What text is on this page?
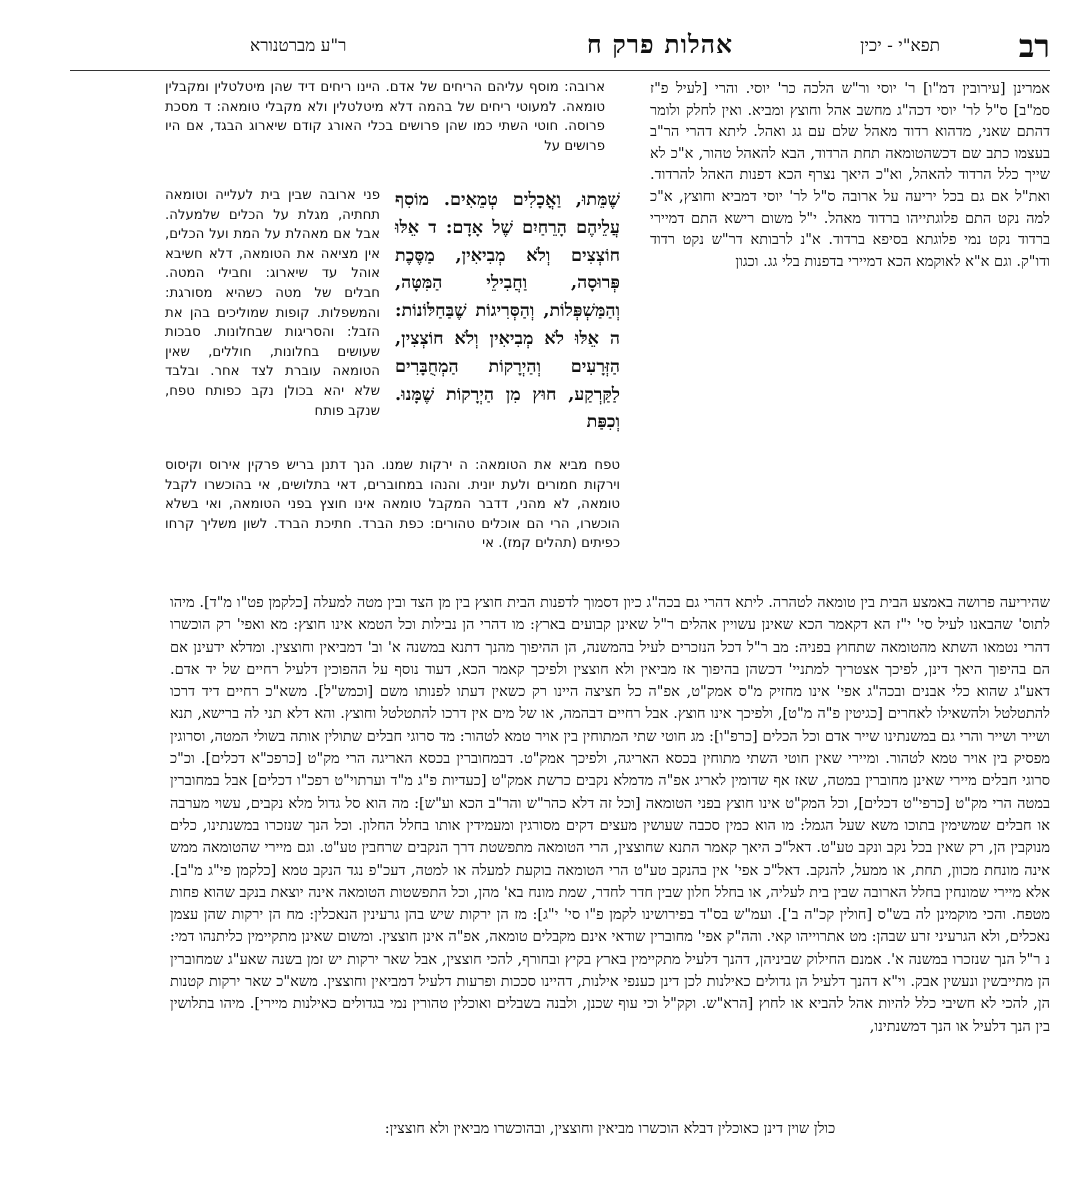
ר"ע מברטנורא	אהלות פרק ח	תפא"י - יכין רב

אמרינן [עירובין דמ"ו] ר' יוסי ור"ש הלכה כר' יוסי. והרי [לעיל פ"ז סמ"ב] ס"ל לר' יוסי דכה"ג מחשב אהל וחוצץ ומביא. ואין לחלק ולומר דהתם שאני, מדהוא רדוד מאהל שלם עם גג ואהל. ליתא דהרי הר"ב בעצמו כתב שם דכשהטומאה תחת הרדוד, הבא להאהל טהור, א"כ לא שייך כלל הרדוד להאהל, וא"כ היאך נצרף הכא דפנות האהל להרדוד. ואת"ל אם גם בכל יריעה על ארובה ס"ל לר' יוסי דמביא וחוצץ, א"כ למה נקט התם פלוגתייהו ברדוד מאהל. י"ל משום רישא התם דמיירי ברדוד נקט נמי פלוגתא בסיפא ברדוד. א"נ לרבותא דר"ש נקט רדוד ודו"ק. וגם א"א לאוקמא הכא דמיירי בדפנות בלי גג. וכגון

ארובה: מוסף עליהם הריחים של אדם. היינו ריחים דיד שהן מיטלטלין ומקבלין טומאה. למעוטי ריחים של בהמה דלא מיטלטלין ולא מקבלי טומאה: ד מסכת פרוסה. חוטי השתי כמו שהן פרושים בכלי האורג קודם שיארוג הבגד, אם היו פרושים על

שֶׁמֵּתוּ, וַאֳכָלִים טְמֵאִים. מוֹסִף עֲלֵיהֶם הָרֵחַיִם שֶׁל אָדָם: ד אֵלּוּ חוֹצְצִים וְלֹא מְבִיאִין, מַסֶּכֶת פְּרוּסָה, וַחֲבִילֵי הַמִּטָּה, וְהַמַּשְׁפְּלוֹת, וְהַסְּרִיגוֹת שֶׁבַּחַלּוֹנוֹת: ה אֵלּוּ לֹא מְבִיאִין וְלֹא חוֹצְצִין, הַזְּרָעִים וְהַיְרָקוֹת הַמְחֻבָּרִים לַקַּרְקַע, חוּץ מִן הַיְרָקוֹת שֶׁמָּנוּ. וְכִפַּת

פני ארובה שבין בית לעלייה וטומאה תחתיה, מגלת על הכלים שלמעלה. אבל אם מאהלת על המת ועל הכלים, אין מציאה את הטומאה, דלא חשיבא אוהל עד שיארוג: וחבילי המטה. חבלים של מטה כשהיא מסורגת: והמשפלות. קופות שמוליכים בהן את הזבל: והסריגות שבחלונות. סבכות שעושים בחלונות, חוללים, שאין הטומאה עוברת לצד אחר. ובלבד שלא יהא בכולן נקב כפותח טפח, שנקב פותח

טפח מביא את הטומאה: ה ירקות שמנו. הנך דתנן בריש פרקין אירוס וקיסוס וירקות חמורים ולעת יונית. והנהו במחוברים, דאי בתלושים, אי בהוכשרו לקבל טומאה, לא מהני, דדבר המקבל טומאה אינו חוצץ בפני הטומאה, ואי בשלא הוכשרו, הרי הם אוכלים טהורים: כפת הברד. חתיכת הברד. לשון משליך קרחו כפיתים (תהלים קמז). אי

שהיריעה פרושה באמצע הבית בין טומאה לטהרה. ליתא דהרי גם בכה"ג כיון דסמוך לדפנות הבית חוצץ בין מן הצד ובין מטה למעלה [כלקמן פט"ו מ"ד]. מיהו לתוס' שהבאנו לעיל סי' י"ז הא דקאמר הכא שאינן עשויין אהלים ר"ל שאינן קבועים בארץ: מו דהרי הן נבילות וכל הטמא אינו חוצץ: מא ואפי' רק הוכשרו דהרי נטמאו השתא מהטומאה שתחוץ בפניה: מב ר"ל דכל הנזכרים לעיל בהמשנה, הן ההיפוך מהנך דתנא במשנה א' וב' דמביאין וחוצצין. ומדלא ידעינן אם הם בהיפוך היאך דינן, לפיכך אצטריך למתניי' דכשהן בהיפוך אז מביאין ולא חוצצין ולפיכך קאמר הכא, דעוד נוסף על ההפוכין דלעיל רחיים של יד אדם. דאע"ג שהוא כלי אבנים ובכה"ג אפי' אינו מחזיק מ"ס אמק"ט, אפ"ה כל חציצה היינו רק כשאין דעתו לפנותו משם [וכמש"ל]. משא"כ רחיים דיד דרכו להתטלטל ולהשאילו לאחרים [כגיטין פ"ה מ"ט], ולפיכך אינו חוצץ. אבל רחיים דבהמה, או של מים אין דרכו להתטלטל וחוצץ. והא דלא תני לה ברישא, תנא ושייר ושייר והרי גם במשנתינו שייר אדם וכל הכלים [כרפ"ו]: מג חוטי שתי המתוחין בין אויר טמא לטהור: מד סרוגי חבלים שתולין אותה בשולי המטה, וסרוגין מפסיק בין אויר טמא לטהור. ומיירי שאין חוטי השתי מתוחין בכסא האריגה, ולפיכך אמק"ט. דבמחוברין בכסא האריגה הרי מק"ט [כרפכ"א דכלים]. וכ"כ סרוגי חבלים מיירי שאינן מחוברין במטה, שאז אף שדומין לאריג אפ"ה מדמלא נקבים כרשת אמק"ט [כעדיות פ"ג מ"ד וערתוי"ט רפכ"ו דכלים] אבל במחוברין במטה הרי מק"ט [כרפי"ט דכלים], וכל המק"ט אינו חוצץ בפני הטומאה [וכל זה דלא כהר"ש והר"ב הכא וע"ש]: מה הוא סל גדול מלא נקבים, עשוי מערבה או חבלים שמשימין בתוכו משא שעל הגמל: מו הוא כמין סכבה שעושין מעצים דקים מסורגין ומעמידין אותו בחלל החלון. וכל הנך שנזכרו במשנתינו, כלים מנוקבין הן, רק שאין בכל נקב ונקב טע"ט. דאל"כ היאך קאמר התנא שחוצצין, הרי הטומאה מתפשטת דרך הנקבים שרחבין טע"ט. וגם מיירי שהטומאה ממש אינה מונחת מכוון, תחת, או ממעל, להנקב. דאל"כ אפי' אין בהנקב טע"ט הרי הטומאה בוקעת למעלה או למטה, דעכ"פ נגד הנקב טמא [כלקמן פי"ג מ"ב]. אלא מיירי שמונחין בחלל הארובה שבין בית לעליה, או בחלל חלון שבין חדר לחדר, שמת מונח בא' מהן, וכל התפשטות הטומאה אינה יוצאת בנקב שהוא פחות מטפח. והכי מוקמינן לה בש"ס [חולין קכ"ה ב']. ועמ"ש בס"ד בפירושינו לקמן פ"ו סי' י"ג]: מז הן ירקות שיש בהן גרעינין הנאכלין: מח הן ירקות שהן עצמן נאכלים, ולא הגרעיני זרע שבהן: מט אתרוייהו קאי. והה"ק אפי' מחוברין שודאי אינם מקבלים טומאה, אפ"ה אינן חוצצין. ומשום שאינן מתקיימין כליתנהו דמי: נ ר"ל הנך שנזכרו במשנה א'. אמנם החילוק שביניהן, דהנך דלעיל מתקיימין בארץ בקיץ ובחורף, להכי חוצצין, אבל שאר ירקות יש זמן בשנה שאע"ג שמחוברין הן מתייבשין ונעשין אבק. וי"א דהנך דלעיל הן גדולים כאילנות לכן דינן כענפי אילנות, דהיינו סככות ופרעות דלעיל דמביאין וחוצצין. משא"כ שאר ירקות קטנות הן, להכי לא חשיבי כלל להיות אהל להביא או לחוץ [הרא"ש. וקק"ל וכי עוף שכנן, ולבנה בשבלים ואוכלין טהורין נמי בגדולים כאילנות מיירי]. מיהו בתלושין בין הנך דלעיל או הנך דמשנתינו,

כולן שוין דינן כאוכלין דבלא הוכשרו מביאין וחוצצין, ובהוכשרו מביאין ולא חוצצין:
